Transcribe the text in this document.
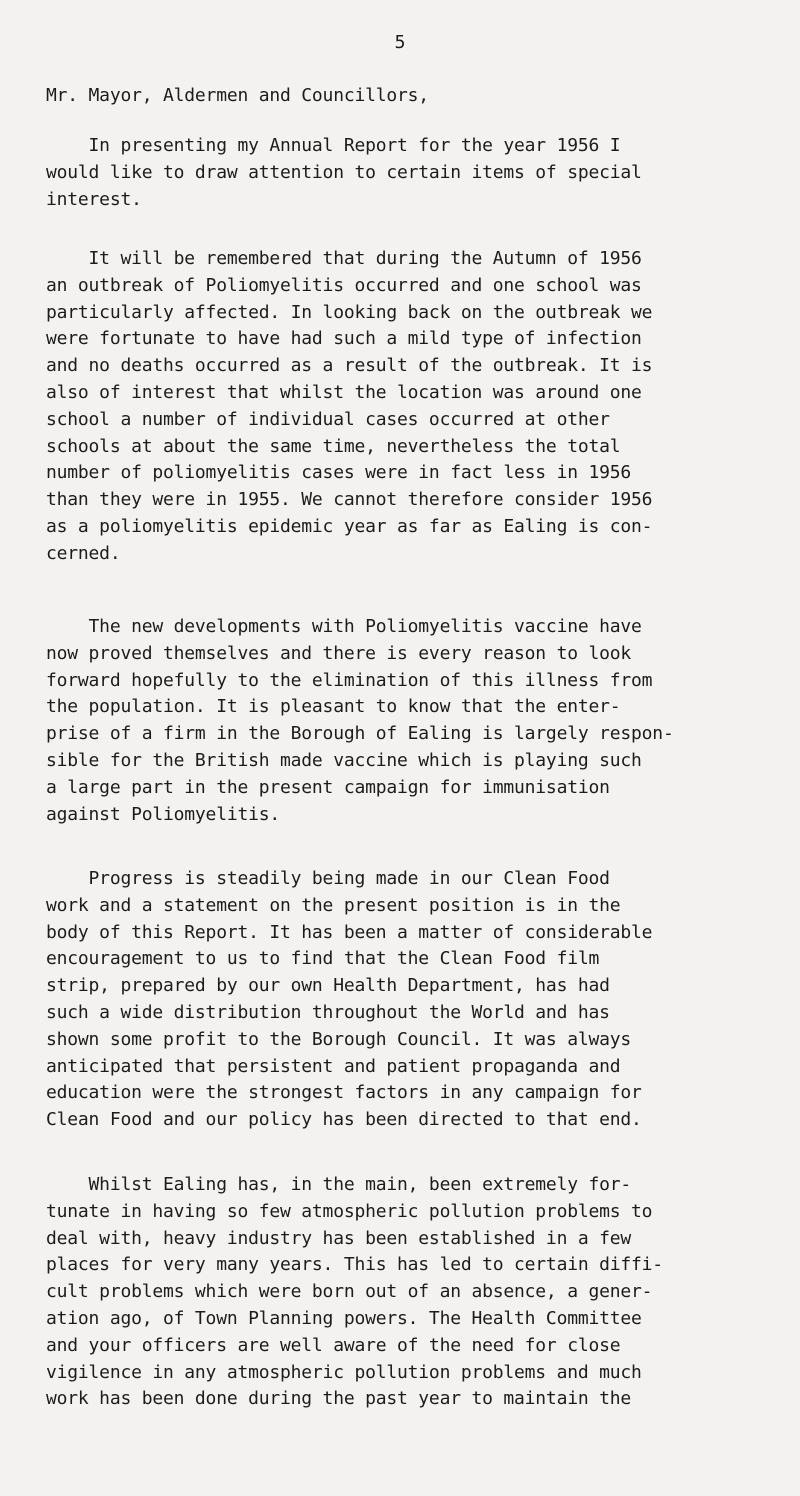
5
Mr. Mayor, Aldermen and Councillors,
In presenting my Annual Report for the year 1956 I
would like to draw attention to certain items of special
interest.
It will be remembered that during the Autumn of 1956
an outbreak of Poliomyelitis occurred and one school was
particularly affected. In looking back on the outbreak we
were fortunate to have had such a mild type of infection
and no deaths occurred as a result of the outbreak. It is
also of interest that whilst the location was around one
school a number of individual cases occurred at other
schools at about the same time, nevertheless the total
number of poliomyelitis cases were in fact less in 1956
than they were in 1955. We cannot therefore consider 1956
as a poliomyelitis epidemic year as far as Ealing is con-
cerned.
The new developments with Poliomyelitis vaccine have
now proved themselves and there is every reason to look
forward hopefully to the elimination of this illness from
the population. It is pleasant to know that the enter-
prise of a firm in the Borough of Ealing is largely respon-
sible for the British made vaccine which is playing such
a large part in the present campaign for immunisation
against Poliomyelitis.
Progress is steadily being made in our Clean Food
work and a statement on the present position is in the
body of this Report. It has been a matter of considerable
encouragement to us to find that the Clean Food film
strip, prepared by our own Health Department, has had
such a wide distribution throughout the World and has
shown some profit to the Borough Council. It was always
anticipated that persistent and patient propaganda and
education were the strongest factors in any campaign for
Clean Food and our policy has been directed to that end.
Whilst Ealing has, in the main, been extremely for-
tunate in having so few atmospheric pollution problems to
deal with, heavy industry has been established in a few
places for very many years. This has led to certain diffi-
cult problems which were born out of an absence, a gener-
ation ago, of Town Planning powers. The Health Committee
and your officers are well aware of the need for close
vigilence in any atmospheric pollution problems and much
work has been done during the past year to maintain the
